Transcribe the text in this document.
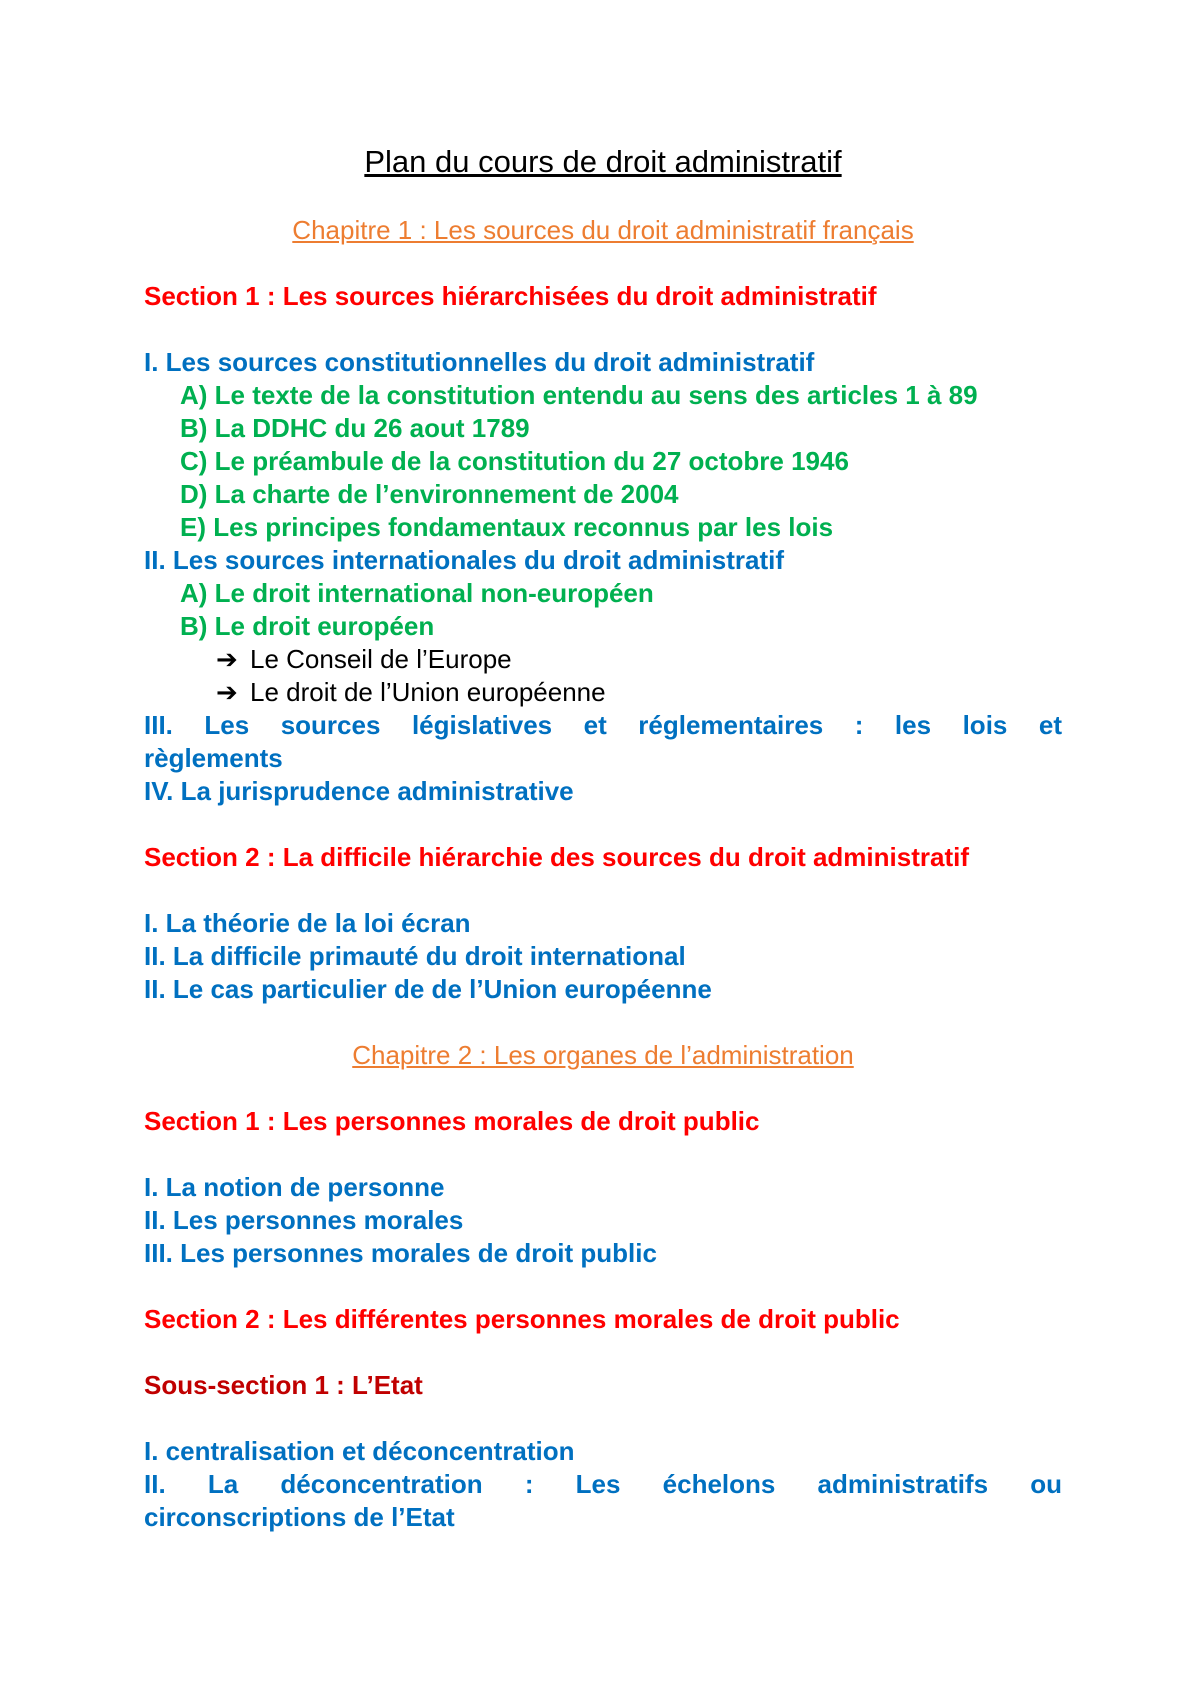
Plan du cours de droit administratif
Chapitre 1 : Les sources du droit administratif français
Section 1 : Les sources hiérarchisées du droit administratif
I. Les sources constitutionnelles du droit administratif
A) Le texte de la constitution entendu au sens des articles 1 à 89
B) La DDHC du 26 aout 1789
C) Le préambule de la constitution du 27 octobre 1946
D) La charte de l’environnement de 2004
E) Les principes fondamentaux reconnus par les lois
II. Les sources internationales du droit administratif
A) Le droit international non-européen
B) Le droit européen
➔ Le Conseil de l’Europe
➔ Le droit de l’Union européenne
III. Les sources législatives et réglementaires : les lois et
règlements
IV. La jurisprudence administrative
Section 2 : La difficile hiérarchie des sources du droit administratif
I. La théorie de la loi écran
II. La difficile primauté du droit international
II. Le cas particulier de de l’Union européenne
Chapitre 2 : Les organes de l’administration
Section 1 : Les personnes morales de droit public
I. La notion de personne
II. Les personnes morales
III. Les personnes morales de droit public
Section 2 : Les différentes personnes morales de droit public
Sous-section 1 : L’Etat
I. centralisation et déconcentration
II. La déconcentration : Les échelons administratifs ou
circonscriptions de l’Etat
